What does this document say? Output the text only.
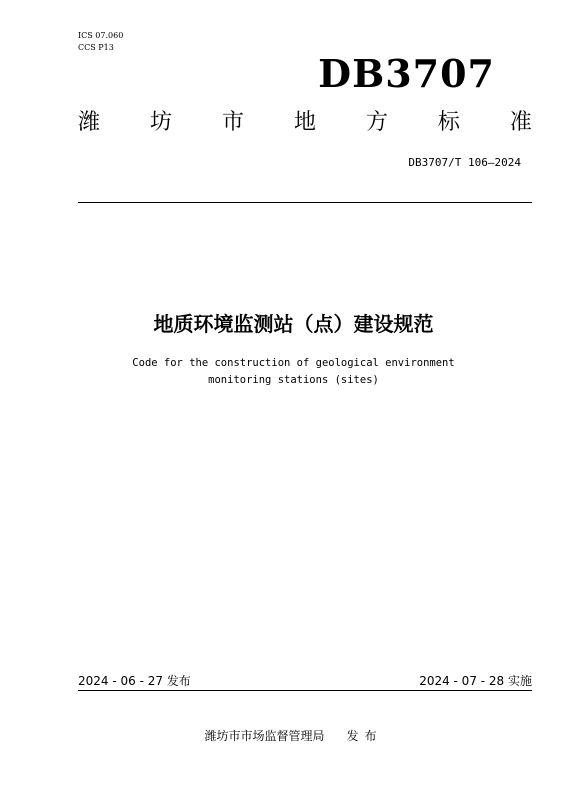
ICS 07.060
CCS P13
DB3707
潍 坊 市 地 方 标 准
DB3707/T 106—2024
地质环境监测站（点）建设规范
Code for the construction of geological environment
monitoring stations (sites)
2024 - 06 - 27 发布	2024 - 07 - 28 实施
潍坊市市场监督管理局 发布
